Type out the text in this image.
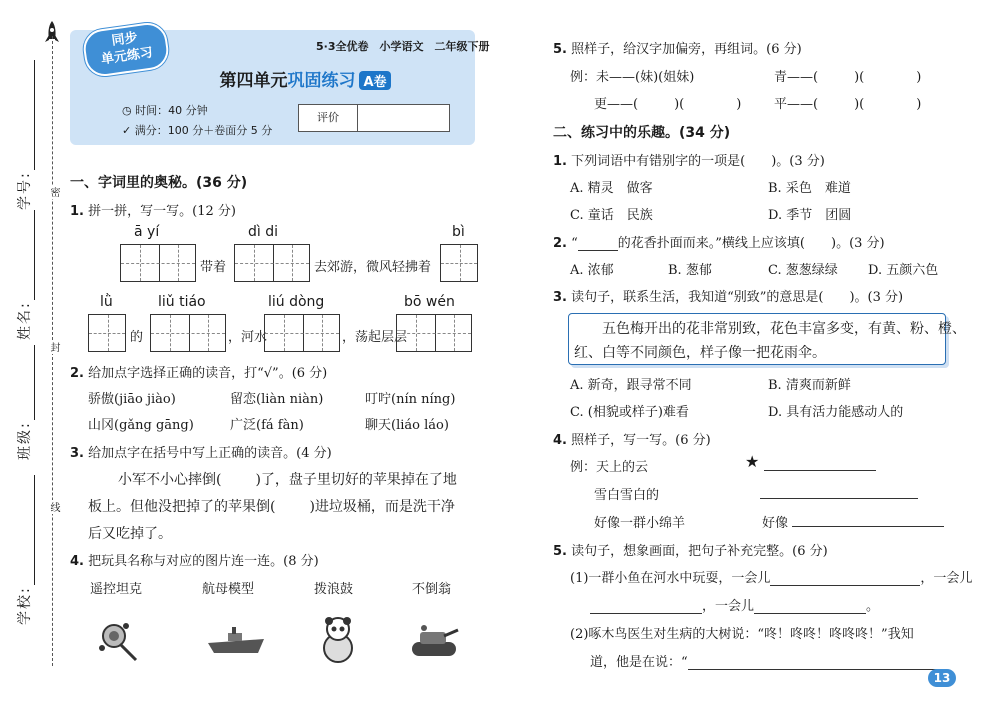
密
封
线
学号:
姓名:
班级:
学校:
同步
单元练习	5·3全优卷　小学语文　二年级下册
第四单元巩固练习 A卷
◷ 时间：40 分钟
✓ 满分：100 分＋卷面分 5 分
评价
一、字词里的奥秘。(36 分)
1. 拼一拼，写一写。(12 分)
ā yí	dì di	bì
带着	去郊游，微风轻拂着
lǜ	liǔ tiáo	liú dòng	bō wén
的	，河水	，荡起层层
2. 给加点字选择正确的读音，打“√”。(6 分)
骄傲(jiāo jiào)	留恋(liàn niàn)	叮咛(nín níng)
山冈(gǎng gāng)	广泛(fá fàn)	聊天(liáo láo)
3. 给加点字在括号中写上正确的读音。(4 分)
小军不小心摔倒( )了，盘子里切好的苹果掉在了地
板上。但他没把掉了的苹果倒( )进垃圾桶，而是洗干净
后又吃掉了。
4. 把玩具名称与对应的图片连一连。(8 分)
遥控坦克	航母模型	拨浪鼓	不倒翁
5. 照样子，给汉字加偏旁，再组词。(6 分)
例：未——(妹)(姐妹)	青——(	)(	)
更——(	)(	)	平——(	)(	)
二、练习中的乐趣。(34 分)
1. 下列词语中有错别字的一项是(　　)。(3 分)
A. 精灵　做客	B. 采色　难道
C. 童话　民族	D. 季节　团圆
2. “	的花香扑面而来。”横线上应该填(　　)。(3 分)
A. 浓郁	B. 葱郁	C. 葱葱绿绿 D. 五颜六色
3. 读句子，联系生活，我知道“别致”的意思是(　　)。(3 分)
五色梅开出的花非常别致，花色丰富多变，有黄、粉、橙、
红、白等不同颜色，样子像一把花雨伞。
A. 新奇，跟寻常不同	B. 清爽而新鲜
C. (相貌或样子)难看	D. 具有活力能感动人的
4. 照样子，写一写。(6 分)
例：天上的云	★
雪白雪白的
好像一群小绵羊	好像
5. 读句子，想象画面，把句子补充完整。(6 分)
(1)一群小鱼在河水中玩耍，一会儿	，一会儿
，一会儿	。
(2)啄木鸟医生对生病的大树说：“咚！咚咚！咚咚咚！”我知
道，他是在说：“
13
